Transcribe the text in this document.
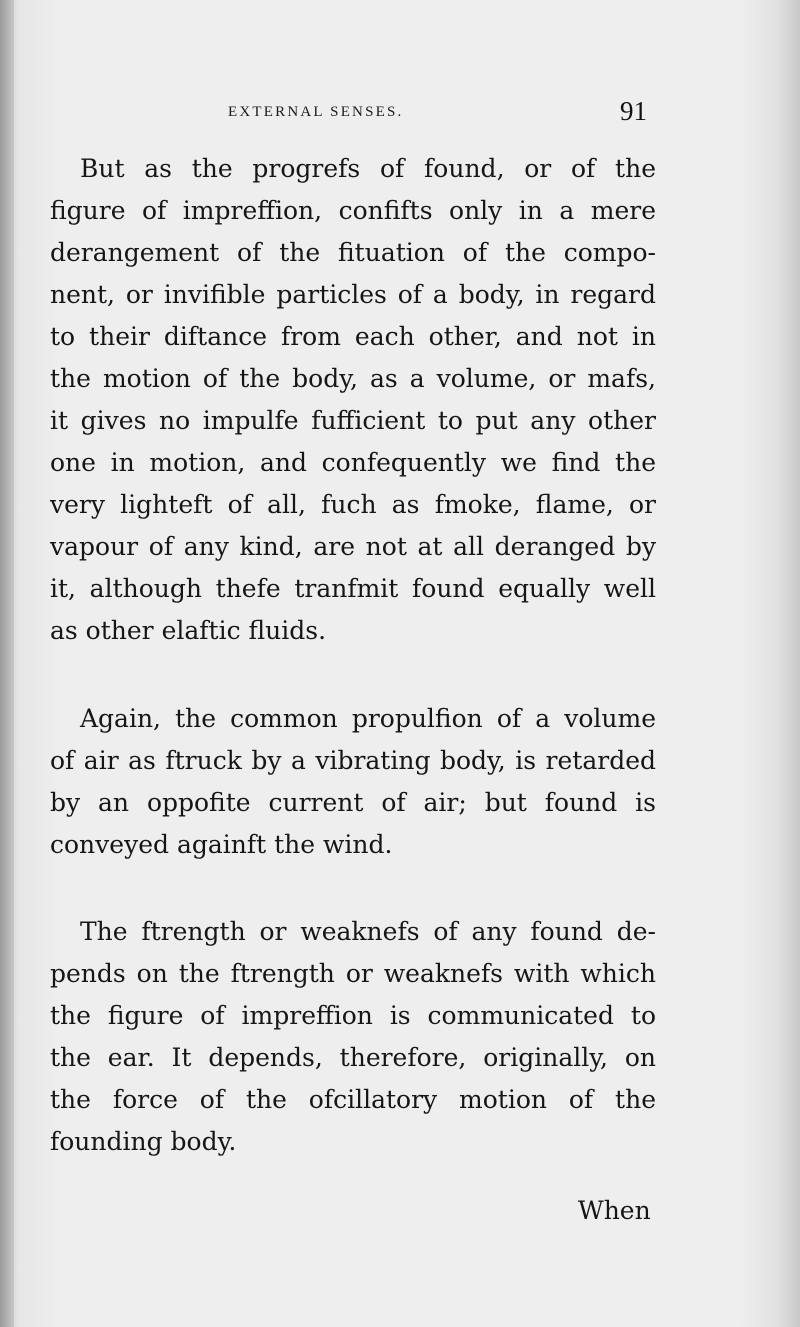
EXTERNAL SENSES.	91
But as the progrefs of found, or of the
figure of impreffion, confifts only in a mere
derangement of the fituation of the compo-
nent, or invifible particles of a body, in regard
to their diftance from each other, and not in
the motion of the body, as a volume, or mafs,
it gives no impulfe fufficient to put any other
one in motion, and confequently we find the
very lighteft of all, fuch as fmoke, flame, or
vapour of any kind, are not at all deranged by
it, although thefe tranfmit found equally well
as other elaftic fluids.
Again, the common propulfion of a volume
of air as ftruck by a vibrating body, is retarded
by an oppofite current of air; but found is
conveyed againft the wind.
The ftrength or weaknefs of any found de-
pends on the ftrength or weaknefs with which
the figure of impreffion is communicated to
the ear. It depends, therefore, originally, on
the force of the ofcillatory motion of the
founding body.
When
